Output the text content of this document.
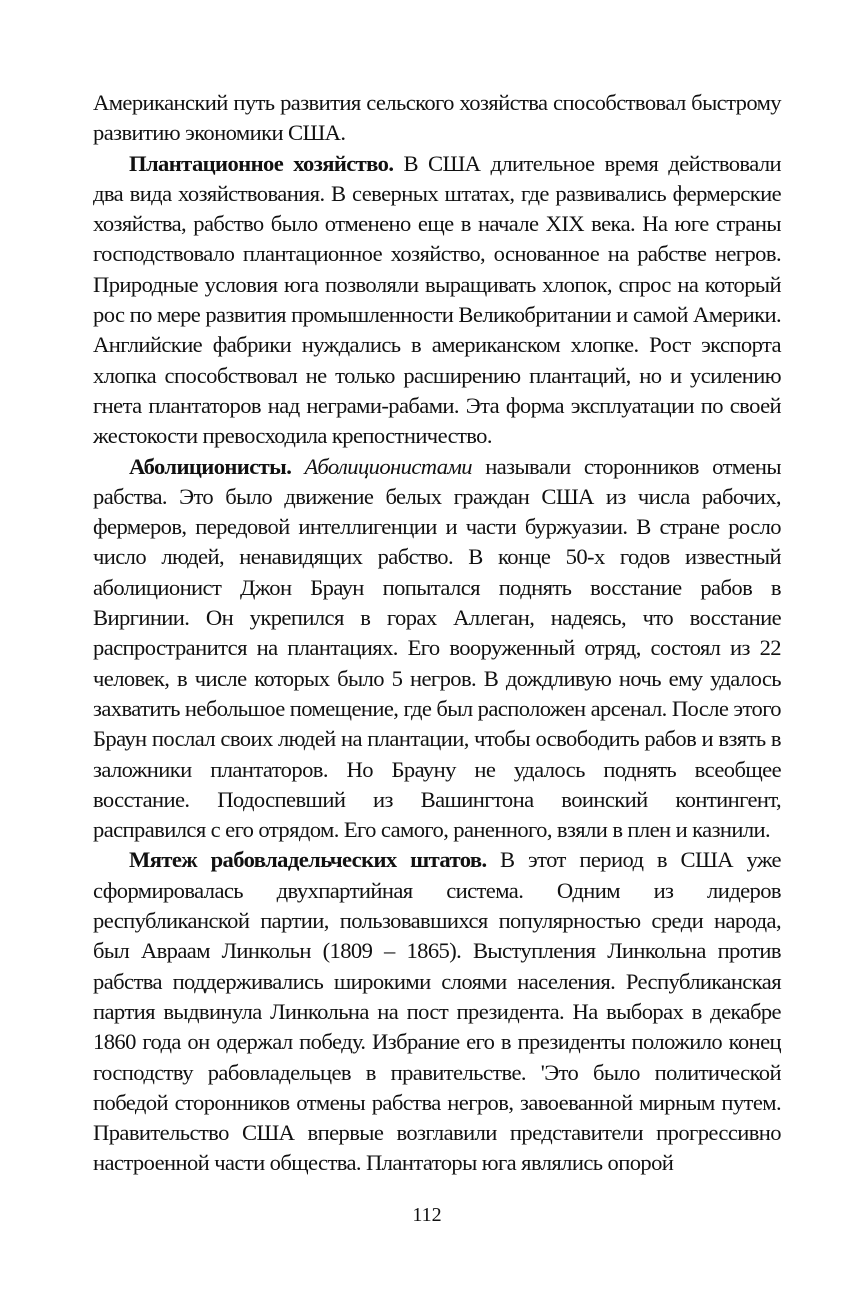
Американский путь развития сельского хозяйства способствовал быстрому развитию экономики США.

Плантационное хозяйство. В США длительное время действовали два вида хозяйствования. В северных штатах, где развивались фермерские хозяйства, рабство было отменено еще в начале XIX века. На юге страны господствовало плантационное хозяйство, основанное на рабстве негров. Природные условия юга позволяли выращивать хлопок, спрос на который рос по мере развития промышленности Великобритании и самой Америки. Английские фабрики нуждались в американском хлопке. Рост экспорта хлопка способствовал не только расширению плантаций, но и усилению гнета плантаторов над неграми-рабами. Эта форма эксплуатации по своей жестокости превосходила крепостничество.

Аболиционисты. Аболиционистами называли сторонников отмены рабства. Это было движение белых граждан США из числа рабочих, фермеров, передовой интеллигенции и части буржуазии. В стране росло число людей, ненавидящих рабство. В конце 50-х годов известный аболиционист Джон Браун попытался поднять восстание рабов в Виргинии. Он укрепился в горах Аллеган, надеясь, что восстание распространится на плантациях. Его вооруженный отряд, состоял из 22 человек, в числе которых было 5 негров. В дождливую ночь ему удалось захватить небольшое помещение, где был расположен арсенал. После этого Браун послал своих людей на плантации, чтобы освободить рабов и взять в заложники плантаторов. Но Брауну не удалось поднять всеобщее восстание. Подоспевший из Вашингтона воинский контингент, расправился с его отрядом. Его самого, раненного, взяли в плен и казнили.

Мятеж рабовладельческих штатов. В этот период в США уже сформировалась двухпартийная система. Одним из лидеров республиканской партии, пользовавшихся популярностью среди народа, был Авраам Линкольн (1809 – 1865). Выступления Линкольна против рабства поддерживались широкими слоями населения. Республиканская партия выдвинула Линкольна на пост президента. На выборах в декабре 1860 года он одержал победу. Избрание его в президенты положило конец господству рабовладельцев в правительстве. 'Это было политической победой сторонников отмены рабства негров, завоеванной мирным путем. Правительство США впервые возглавили представители прогрессивно настроенной части общества. Плантаторы юга являлись опорой

112
